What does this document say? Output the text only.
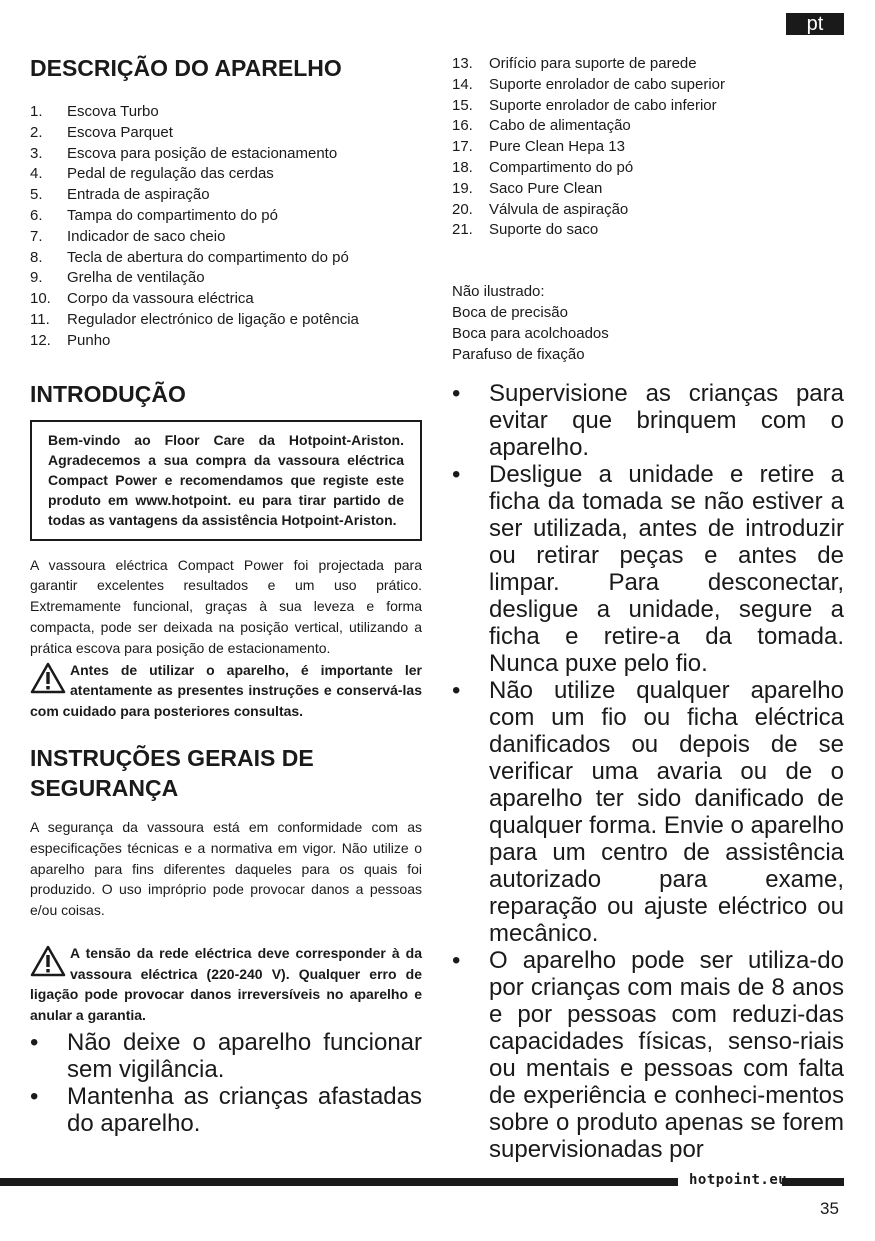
pt
DESCRIÇÃO DO APARELHO
1.	Escova Turbo
2.	Escova Parquet
3.	Escova para posição de estacionamento
4.	Pedal de regulação das cerdas
5.	Entrada de aspiração
6.	Tampa do compartimento do pó
7.	Indicador de saco cheio
8.	Tecla de abertura do compartimento do pó
9.	Grelha de ventilação
10.	Corpo da vassoura eléctrica
11.	Regulador electrónico de ligação e potência
12.	Punho
INTRODUÇÃO
Bem-vindo ao Floor Care da Hotpoint-Ariston. Agradecemos a sua compra da vassoura eléctrica Compact Power e recomendamos que registe este produto em www.hotpoint. eu para tirar partido de todas as vantagens da assistência Hotpoint-Ariston.

A vassoura eléctrica Compact Power foi projectada para garantir excelentes resultados e um uso prático. Extremamente funcional, graças à sua leveza e forma compacta, pode ser deixada na posição vertical, utilizando a prática escova para posição de estacionamento.

Antes de utilizar o aparelho, é importante ler atentamente as presentes instruções e conservá-las com cuidado para posteriores consultas.
INSTRUÇÕES GERAIS DE
SEGURANÇA

A segurança da vassoura está em conformidade com as especificações técnicas e a normativa em vigor. Não utilize o aparelho para fins diferentes daqueles para os quais foi produzido. O uso impróprio pode provocar danos a pessoas e/ou coisas.

A tensão da rede eléctrica deve corresponder à da vassoura eléctrica (220-240 V). Qualquer erro de ligação pode provocar danos irreversíveis no aparelho e anular a garantia.
• Não deixe o aparelho funcionar sem vigilância.
• Mantenha as crianças afastadas do aparelho.
13.	Orifício para suporte de parede
14.	Suporte enrolador de cabo superior
15.	Suporte enrolador de cabo inferior
16.	Cabo de alimentação
17.	Pure Clean Hepa 13
18.	Compartimento do pó
19.	Saco Pure Clean
20.	Válvula de aspiração
21.	Suporte do saco
Não ilustrado:
Boca de precisão
Boca para acolchoados
Parafuso de fixação
• Supervisione as crianças para evitar que brinquem com o aparelho.
• Desligue a unidade e retire a ficha da tomada se não estiver a ser utilizada, antes de introduzir ou retirar peças e antes de limpar. Para desconectar, desligue a unidade, segure a ficha e retire-a da tomada. Nunca puxe pelo fio.
• Não utilize qualquer aparelho com um fio ou ficha eléctrica danificados ou depois de se verificar uma avaria ou de o aparelho ter sido danificado de qualquer forma. Envie o aparelho para um centro de assistência autorizado para exame, reparação ou ajuste eléctrico ou mecânico.
• O aparelho pode ser utiliza-do por crianças com mais de 8 anos e por pessoas com reduzi-das capacidades físicas, senso-riais ou mentais e pessoas com falta de experiência e conheci-mentos sobre o produto apenas se forem supervisionadas por
hotpoint.eu
35
